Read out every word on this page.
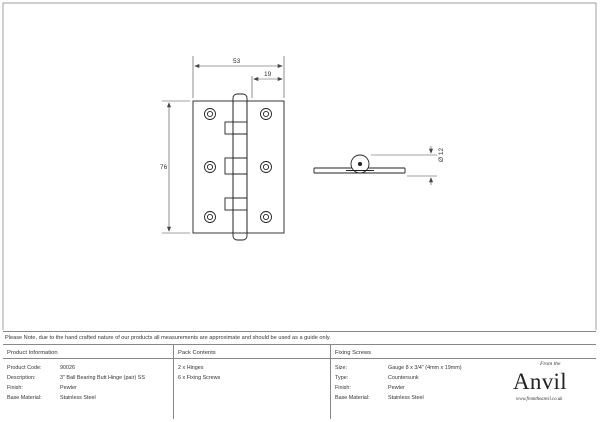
53
19
76
Ø 12
Please Note, due to the hand crafted nature of our products all measurements are approximate and should be used as a guide only.
Product Information
Product Code:	90026
Description:	3" Ball Bearing Butt Hinge (pair) SS
Finish:	Pewter
Base Material:	Stainless Steel
Pack Contents
2 x Hinges
6 x Fixing Screws
Fixing Screws
Size:	Gauge 8 x 3/4" (4mm x 19mm)
Type:	Countersunk
Finish:	Pewter
Base Material:	Stainless Steel
From the
Anvil
www.fromtheanvil.co.uk
